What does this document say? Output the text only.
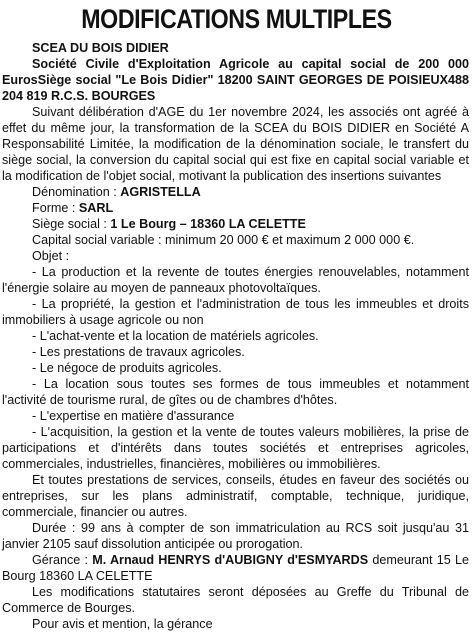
MODIFICATIONS MULTIPLES

SCEA DU BOIS DIDIER

Société Civile d'Exploitation Agricole au capital social de 200 000 EurosSiège social "Le Bois Didier" 18200 SAINT GEORGES DE POISIEUX488 204 819 R.C.S. BOURGES

Suivant délibération d'AGE du 1er novembre 2024, les associés ont agréé à effet du même jour, la transformation de la SCEA du BOIS DIDIER en Société A Responsabilité Limitée, la modification de la dénomination sociale, le transfert du siège social, la conversion du capital social qui est fixe en capital social variable et la modification de l'objet social, motivant la publication des insertions suivantes

Dénomination : AGRISTELLA

Forme : SARL

Siège social : 1 Le Bourg – 18360 LA CELETTE

Capital social variable : minimum 20 000 € et maximum 2 000 000 €.

Objet :

- La production et la revente de toutes énergies renouvelables, notamment l'énergie solaire au moyen de panneaux photovoltaïques.

- La propriété, la gestion et l'administration de tous les immeubles et droits immobiliers à usage agricole ou non

- L'achat-vente et la location de matériels agricoles.

- Les prestations de travaux agricoles.

- Le négoce de produits agricoles.

- La location sous toutes ses formes de tous immeubles et notamment l'activité de tourisme rural, de gîtes ou de chambres d'hôtes.

- L'expertise en matière d'assurance

- L'acquisition, la gestion et la vente de toutes valeurs mobilières, la prise de participations et d'intérêts dans toutes sociétés et entreprises agricoles, commerciales, industrielles, financières, mobilières ou immobilières.

Et toutes prestations de services, conseils, études en faveur des sociétés ou entreprises, sur les plans administratif, comptable, technique, juridique, commerciale, financier ou autres.

Durée : 99 ans à compter de son immatriculation au RCS soit jusqu'au 31 janvier 2105 sauf dissolution anticipée ou prorogation.

Gérance : M. Arnaud HENRYS d'AUBIGNY d'ESMYARDS demeurant 15 Le Bourg 18360 LA CELETTE

Les modifications statutaires seront déposées au Greffe du Tribunal de Commerce de Bourges.

Pour avis et mention, la gérance
